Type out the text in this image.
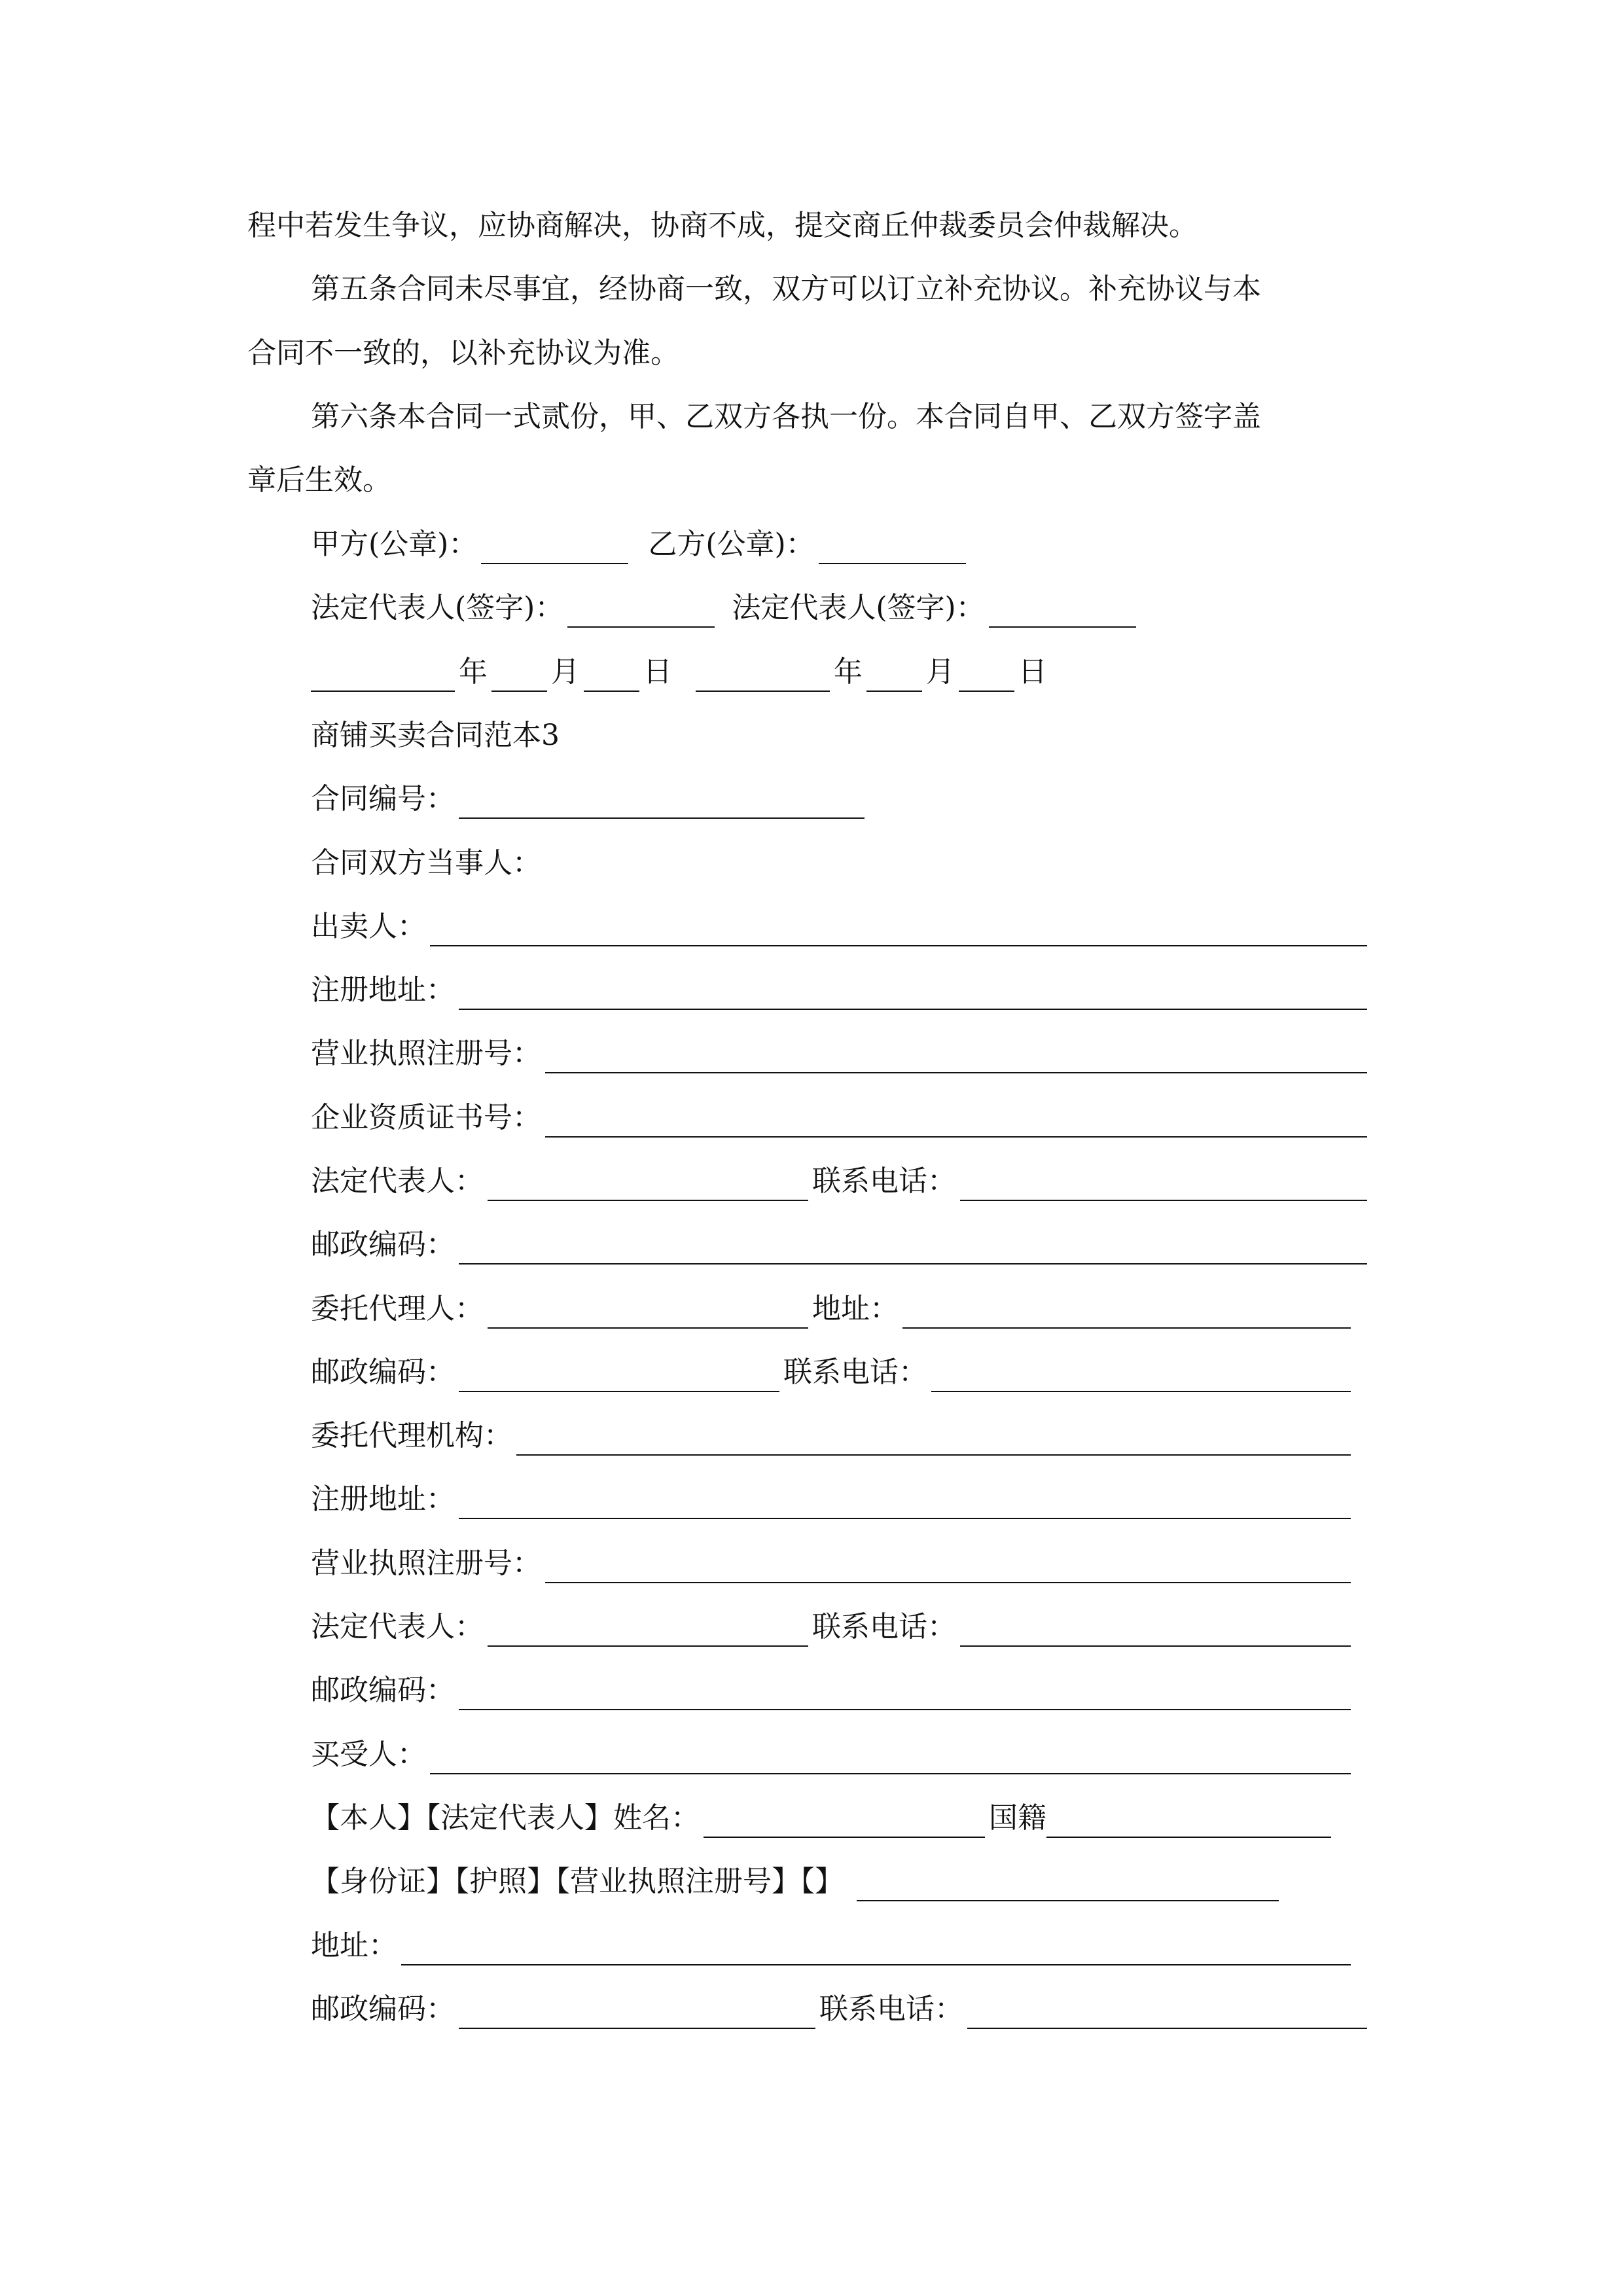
程中若发生争议，应协商解决，协商不成，提交商丘仲裁委员会仲裁解决。
第五条合同未尽事宜，经协商一致，双方可以订立补充协议。补充协议与本
合同不一致的，以补充协议为准。
第六条本合同一式贰份，甲、乙双方各执一份。本合同自甲、乙双方签字盖
章后生效。
甲方(公章)：	乙方(公章)：
法定代表人(签字)：	法定代表人(签字)：
年 月 日	年 月 日
商铺买卖合同范本3
合同编号：
合同双方当事人：
出卖人：
注册地址：
营业执照注册号：
企业资质证书号：
法定代表人：	联系电话：
邮政编码：
委托代理人：	地址：
邮政编码：	联系电话：
委托代理机构：
注册地址：
营业执照注册号：
法定代表人：	联系电话：
邮政编码：
买受人：
【本人】【法定代表人】姓名：	国籍
【身份证】【护照】【营业执照注册号】【】
地址：
邮政编码：	联系电话：
